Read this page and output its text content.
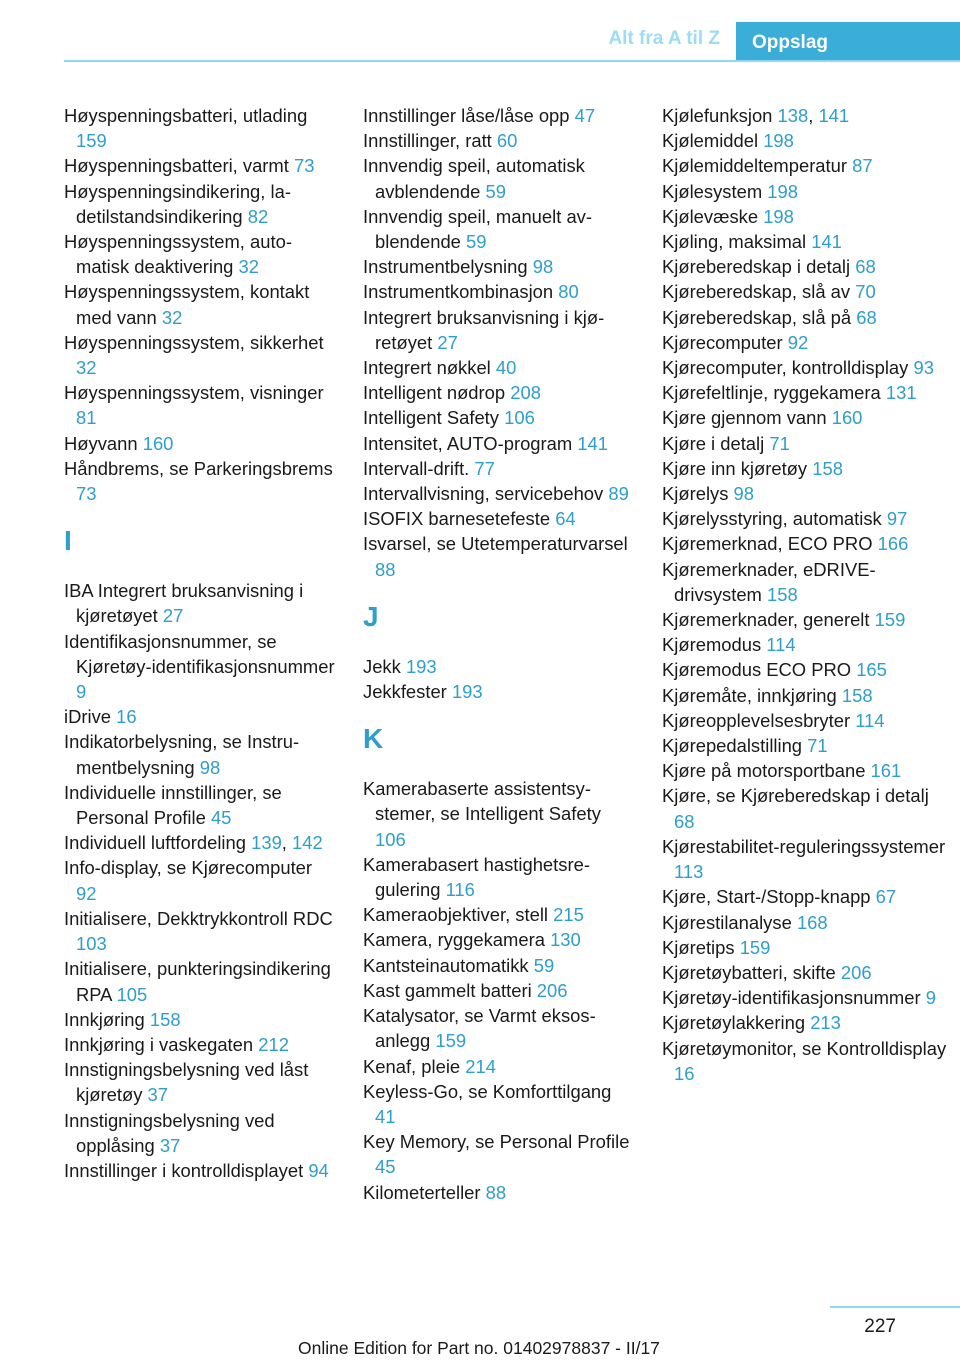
Alt fra A til Z	Oppslag
Høyspenningsbatteri, utlading 159
Høyspenningsbatteri, varmt 73
Høyspenningsindikering, ladetilstandsindikering 82
Høyspenningssystem, automatisk deaktivering 32
Høyspenningssystem, kontakt med vann 32
Høyspenningssystem, sikkerhet 32
Høyspenningssystem, visninger 81
Høyvann 160
Håndbrems, se Parkeringsbrems 73
I
IBA Integrert bruksanvisning i kjøretøyet 27
Identifikasjonsnummer, se Kjøretøy-identifikasjonsnummer 9
iDrive 16
Indikatorbelysning, se Instrumentbelysning 98
Individuelle innstillinger, se Personal Profile 45
Individuell luftfordeling 139, 142
Info-display, se Kjørecomputer 92
Initialisere, Dekktrykkontroll RDC 103
Initialisere, punkteringsindikering RPA 105
Innkjøring 158
Innkjøring i vaskegaten 212
Innstigningsbelysning ved låst kjøretøy 37
Innstigningsbelysning ved opplåsing 37
Innstillinger i kontrolldisplayet 94
Innstillinger låse/låse opp 47
Innstillinger, ratt 60
Innvendig speil, automatisk avblendende 59
Innvendig speil, manuelt avblendende 59
Instrumentbelysning 98
Instrumentkombinasjon 80
Integrert bruksanvisning i kjøretøyet 27
Integrert nøkkel 40
Intelligent nødrop 208
Intelligent Safety 106
Intensitet, AUTO-program 141
Intervall-drift. 77
Intervallvisning, servicebehov 89
ISOFIX barnesetefeste 64
Isvarsel, se Utetemperaturvarsel 88
J
Jekk 193
Jekkfester 193
K
Kamerabaserte assistentsystemer, se Intelligent Safety 106
Kamerabasert hastighetsregulering 116
Kameraobjektiver, stell 215
Kamera, ryggekamera 130
Kantsteinautomatikk 59
Kast gammelt batteri 206
Katalysator, se Varmt eksosanlegg 159
Kenaf, pleie 214
Keyless-Go, se Komforttilgang 41
Key Memory, se Personal Profile 45
Kilometerteller 88
Kjølefunksjon 138, 141
Kjølemiddel 198
Kjølemiddeltemperatur 87
Kjølesystem 198
Kjølevæske 198
Kjøling, maksimal 141
Kjøreberedskap i detalj 68
Kjøreberedskap, slå av 70
Kjøreberedskap, slå på 68
Kjørecomputer 92
Kjørecomputer, kontrolldisplay 93
Kjørefeltlinje, ryggekamera 131
Kjøre gjennom vann 160
Kjøre i detalj 71
Kjøre inn kjøretøy 158
Kjørelys 98
Kjørelysstyring, automatisk 97
Kjøremerknad, ECO PRO 166
Kjøremerknader, eDRIVE-drivsystem 158
Kjøremerknader, generelt 159
Kjøremodus 114
Kjøremodus ECO PRO 165
Kjøremåte, innkjøring 158
Kjøreopplevelsesbryter 114
Kjørepedalstilling 71
Kjøre på motorsportbane 161
Kjøre, se Kjøreberedskap i detalj 68
Kjørestabilitet-reguleringssystemer 113
Kjøre, Start-/Stopp-knapp 67
Kjørestilanalyse 168
Kjøretips 159
Kjøretøybatteri, skifte 206
Kjøretøy-identifikasjonsnummer 9
Kjøretøylakkering 213
Kjøretøymonitor, se Kontrolldisplay 16
227
Online Edition for Part no. 01402978837 - II/17
